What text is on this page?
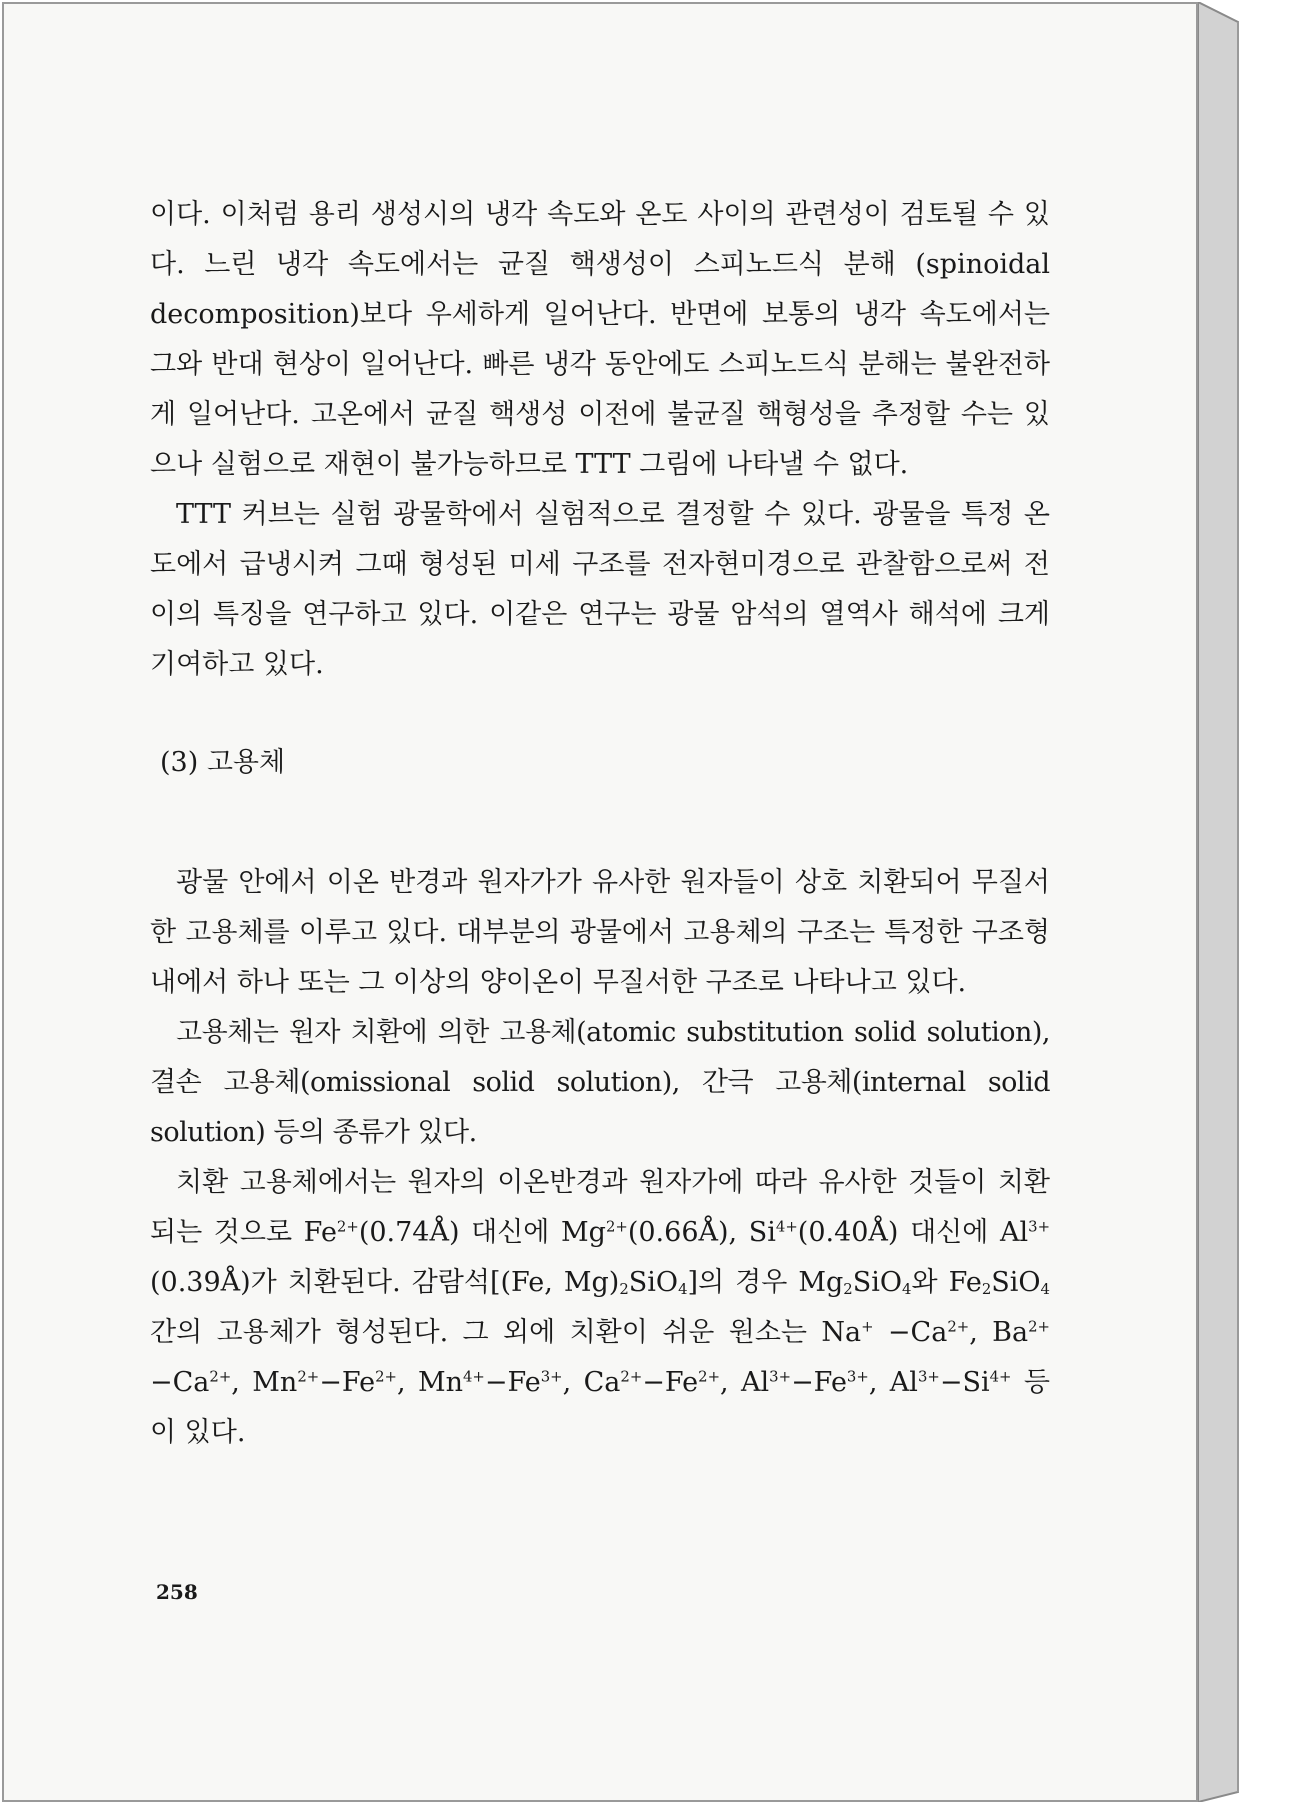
이다. 이처럼 용리 생성시의 냉각 속도와 온도 사이의 관련성이 검토될 수 있다. 느린 냉각 속도에서는 균질 핵생성이 스피노드식 분해 (spinoidal decomposition)보다 우세하게 일어난다. 반면에 보통의 냉각 속도에서는 그와 반대 현상이 일어난다. 빠른 냉각 동안에도 스피노드식 분해는 불완전하게 일어난다. 고온에서 균질 핵생성 이전에 불균질 핵형성을 추정할 수는 있으나 실험으로 재현이 불가능하므로 TTT 그림에 나타낼 수 없다.

TTT 커브는 실험 광물학에서 실험적으로 결정할 수 있다. 광물을 특정 온도에서 급냉시켜 그때 형성된 미세 구조를 전자현미경으로 관찰함으로써 전이의 특징을 연구하고 있다. 이같은 연구는 광물 암석의 열역사 해석에 크게 기여하고 있다.

(3) 고용체

광물 안에서 이온 반경과 원자가가 유사한 원자들이 상호 치환되어 무질서한 고용체를 이루고 있다. 대부분의 광물에서 고용체의 구조는 특정한 구조형 내에서 하나 또는 그 이상의 양이온이 무질서한 구조로 나타나고 있다.

고용체는 원자 치환에 의한 고용체(atomic substitution solid solution), 결손 고용체(omissional solid solution), 간극 고용체(internal solid solution) 등의 종류가 있다.

치환 고용체에서는 원자의 이온반경과 원자가에 따라 유사한 것들이 치환되는 것으로 $Fe^{2+}(0.74Å)$ 대신에 $Mg^{2+}(0.66Å)$, $Si^{4+}(0.40Å)$ 대신에 $Al^{3+}(0.39Å)$가 치환된다. 감람석[(Fe, $Mg)_2SiO_4$]의 경우 $Mg_2SiO_4$와 $Fe_2SiO_4$ 간의 고용체가 형성된다. 그 외에 치환이 쉬운 원소는 $Na^+ -Ca^{2+}$, $Ba^{2+}-Ca^{2+}$, $Mn^{2+}-Fe^{2+}$, $Mn^{4+}-Fe^{3+}$, $Ca^{2+}-Fe^{2+}$, $Al^{3+}-Fe^{3+}$, $Al^{3+}-Si^{4+}$ 등이 있다.

258
